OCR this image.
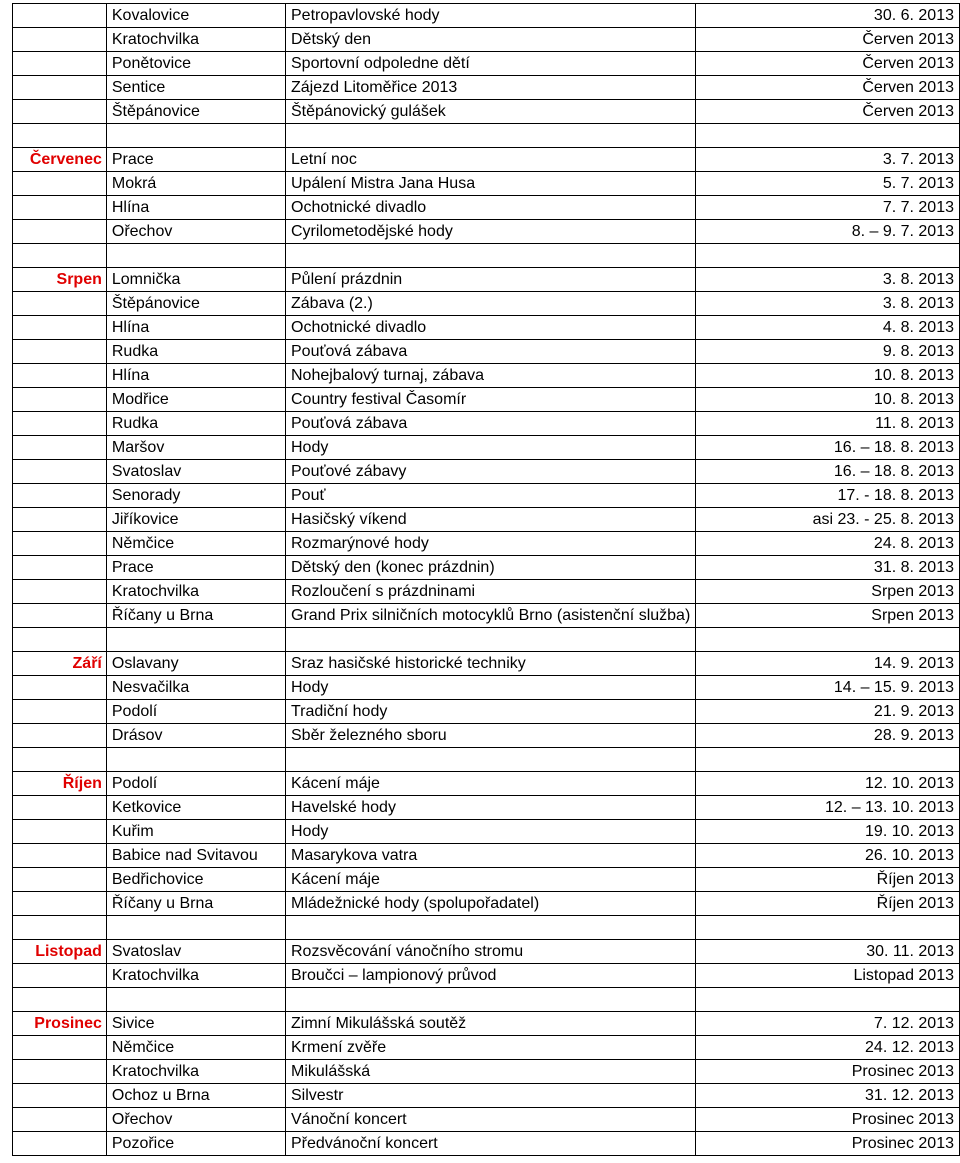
	Kovalovice	Petropavlovské hody	30. 6. 2013
	Kratochvilka	Dětský den	Červen 2013
	Ponětovice	Sportovní odpoledne dětí	Červen 2013
	Sentice	Zájezd Litoměřice 2013	Červen 2013
	Štěpánovice	Štěpánovický gulášek	Červen 2013

Červenec	Prace	Letní noc	3. 7. 2013
	Mokrá	Upálení Mistra Jana Husa	5. 7. 2013
	Hlína	Ochotnické divadlo	7. 7. 2013
	Ořechov	Cyrilometodějské hody	8. – 9. 7. 2013

Srpen	Lomnička	Půlení prázdnin	3. 8. 2013
	Štěpánovice	Zábava (2.)	3. 8. 2013
	Hlína	Ochotnické divadlo	4. 8. 2013
	Rudka	Pouťová zábava	9. 8. 2013
	Hlína	Nohejbalový turnaj, zábava	10. 8. 2013
	Modřice	Country festival Časomír	10. 8. 2013
	Rudka	Pouťová zábava	11. 8. 2013
	Maršov	Hody	16. – 18. 8. 2013
	Svatoslav	Pouťové zábavy	16. – 18. 8. 2013
	Senorady	Pouť	17. - 18. 8. 2013
	Jiříkovice	Hasičský víkend	asi 23. - 25. 8. 2013
	Němčice	Rozmarýnové hody	24. 8. 2013
	Prace	Dětský den (konec prázdnin)	31. 8. 2013
	Kratochvilka	Rozloučení s prázdninami	Srpen 2013
	Říčany u Brna	Grand Prix silničních motocyklů Brno (asistenční služba)	Srpen 2013

Září	Oslavany	Sraz hasičské historické techniky	14. 9. 2013
	Nesvačilka	Hody	14. – 15. 9. 2013
	Podolí	Tradiční hody	21. 9. 2013
	Drásov	Sběr železného sboru	28. 9. 2013

Říjen	Podolí	Kácení máje	12. 10. 2013
	Ketkovice	Havelské hody	12. – 13. 10. 2013
	Kuřim	Hody	19. 10. 2013
	Babice nad Svitavou	Masarykova vatra	26. 10. 2013
	Bedřichovice	Kácení máje	Říjen 2013
	Říčany u Brna	Mládežnické hody (spolupořadatel)	Říjen 2013

Listopad	Svatoslav	Rozsvěcování vánočního stromu	30. 11. 2013
	Kratochvilka	Broučci – lampionový průvod	Listopad 2013

Prosinec	Sivice	Zimní Mikulášská soutěž	7. 12. 2013
	Němčice	Krmení zvěře	24. 12. 2013
	Kratochvilka	Mikulášská	Prosinec 2013
	Ochoz u Brna	Silvestr	31. 12. 2013
	Ořechov	Vánoční koncert	Prosinec 2013
	Pozořice	Předvánoční koncert	Prosinec 2013
